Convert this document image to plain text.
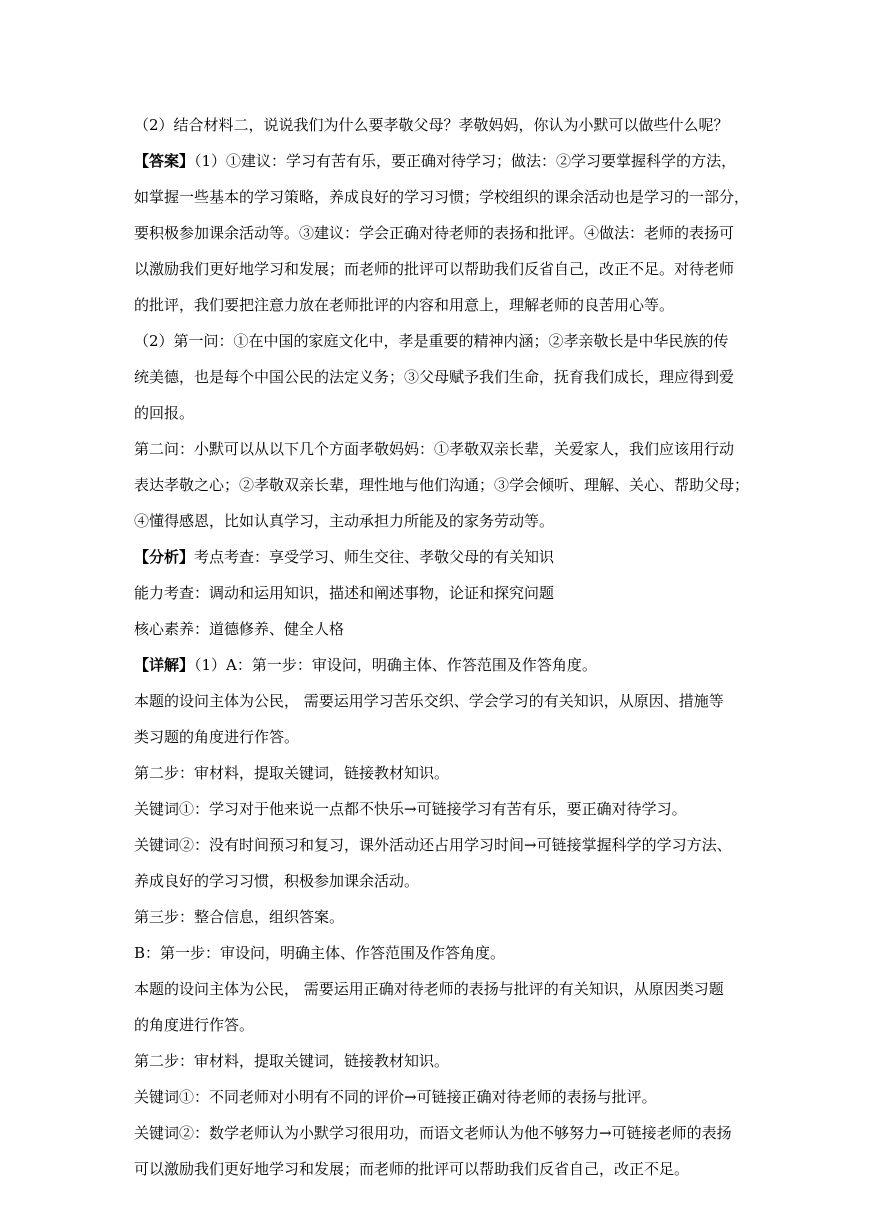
（2）结合材料二，说说我们为什么要孝敬父母？孝敬妈妈，你认为小默可以做些什么呢？
【答案】（1）①建议：学习有苦有乐，要正确对待学习；做法：②学习要掌握科学的方法，
如掌握一些基本的学习策略，养成良好的学习习惯；学校组织的课余活动也是学习的一部分，
要积极参加课余活动等。③建议：学会正确对待老师的表扬和批评。④做法：老师的表扬可
以激励我们更好地学习和发展；而老师的批评可以帮助我们反省自己，改正不足。对待老师
的批评，我们要把注意力放在老师批评的内容和用意上，理解老师的良苦用心等。
（2）第一问：①在中国的家庭文化中，孝是重要的精神内涵；②孝亲敬长是中华民族的传
统美德，也是每个中国公民的法定义务；③父母赋予我们生命，抚育我们成长，理应得到爱
的回报。
第二问：小默可以从以下几个方面孝敬妈妈：①孝敬双亲长辈，关爱家人，我们应该用行动
表达孝敬之心；②孝敬双亲长辈，理性地与他们沟通；③学会倾听、理解、关心、帮助父母；
④懂得感恩，比如认真学习，主动承担力所能及的家务劳动等。
【分析】考点考查：享受学习、师生交往、孝敬父母的有关知识
能力考查：调动和运用知识，描述和阐述事物，论证和探究问题
核心素养：道德修养、健全人格
【详解】（1）A：第一步：审设问，明确主体、作答范围及作答角度。
本题的设问主体为公民， 需要运用学习苦乐交织、学会学习的有关知识，从原因、措施等
类习题的角度进行作答。
第二步：审材料，提取关键词，链接教材知识。
关键词①：学习对于他来说一点都不快乐→可链接学习有苦有乐，要正确对待学习。
关键词②：没有时间预习和复习，课外活动还占用学习时间→可链接掌握科学的学习方法、
养成良好的学习习惯，积极参加课余活动。
第三步：整合信息，组织答案。
B：第一步：审设问，明确主体、作答范围及作答角度。
本题的设问主体为公民， 需要运用正确对待老师的表扬与批评的有关知识，从原因类习题
的角度进行作答。
第二步：审材料，提取关键词，链接教材知识。
关键词①：不同老师对小明有不同的评价→可链接正确对待老师的表扬与批评。
关键词②：数学老师认为小默学习很用功，而语文老师认为他不够努力→可链接老师的表扬
可以激励我们更好地学习和发展；而老师的批评可以帮助我们反省自己，改正不足。
